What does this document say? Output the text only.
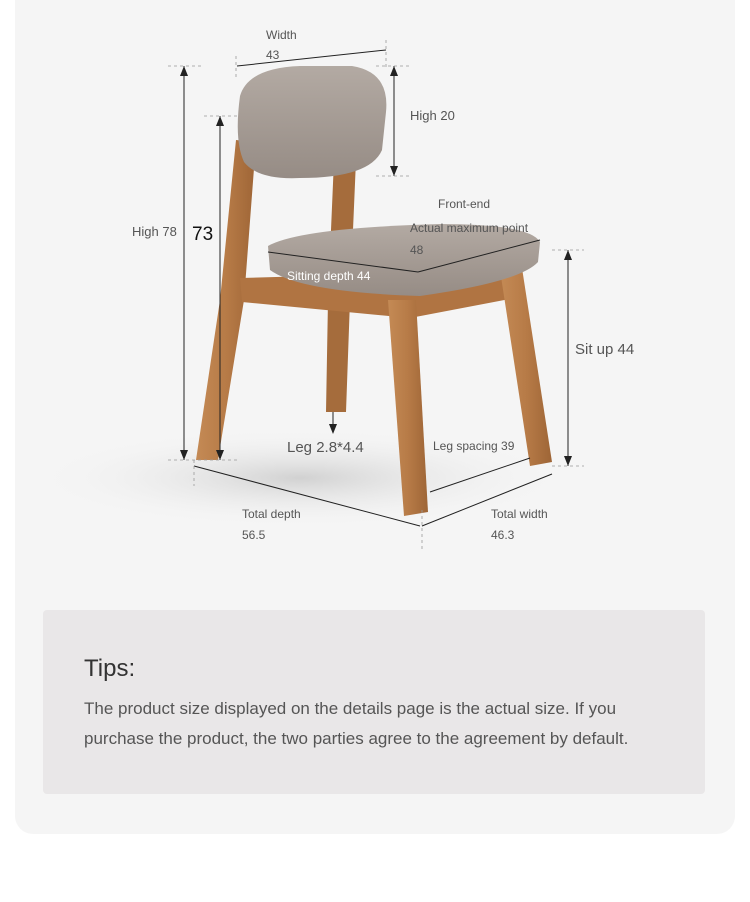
Width
43
High 20
Front-end
Actual maximum point
48
High 78 73
Sitting depth 44
Sit up 44
Leg 2.8*4.4	Leg spacing 39
Total depth
56.5
Total width
46.3
Tips:
The product size displayed on the details page is the actual size. If you purchase the product, the two parties agree to the agreement by default.
